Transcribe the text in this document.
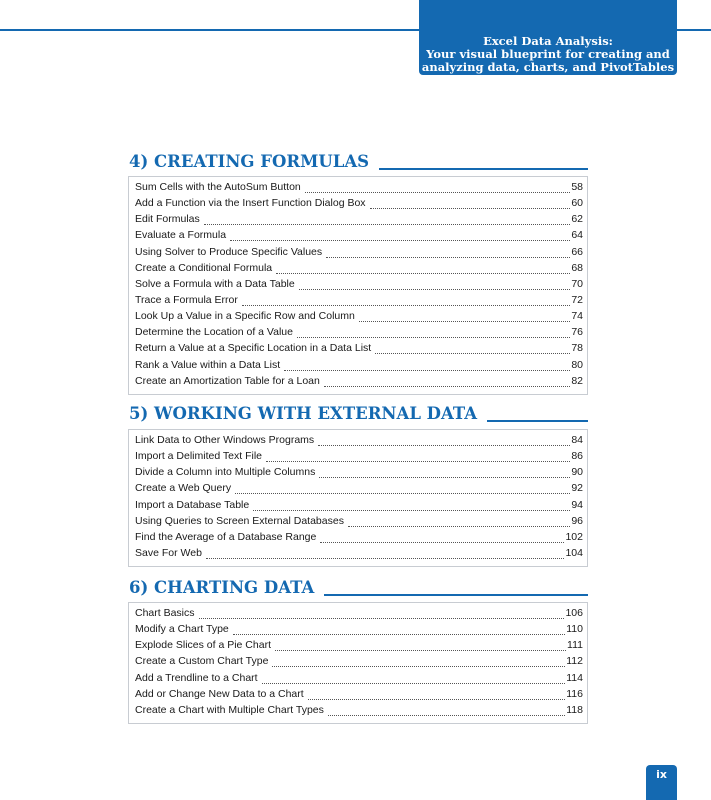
Excel Data Analysis:
Your visual blueprint for creating and
analyzing data, charts, and PivotTables
4) CREATING FORMULAS
Sum Cells with the AutoSum Button	58
Add a Function via the Insert Function Dialog Box	60
Edit Formulas	62
Evaluate a Formula	64
Using Solver to Produce Specific Values	66
Create a Conditional Formula	68
Solve a Formula with a Data Table	70
Trace a Formula Error	72
Look Up a Value in a Specific Row and Column	74
Determine the Location of a Value	76
Return a Value at a Specific Location in a Data List	78
Rank a Value within a Data List	80
Create an Amortization Table for a Loan	82
5) WORKING WITH EXTERNAL DATA
Link Data to Other Windows Programs	84
Import a Delimited Text File	86
Divide a Column into Multiple Columns	90
Create a Web Query	92
Import a Database Table	94
Using Queries to Screen External Databases	96
Find the Average of a Database Range	102
Save For Web	104
6) CHARTING DATA
Chart Basics	106
Modify a Chart Type	110
Explode Slices of a Pie Chart	111
Create a Custom Chart Type	112
Add a Trendline to a Chart	114
Add or Change New Data to a Chart	116
Create a Chart with Multiple Chart Types	118
ix
